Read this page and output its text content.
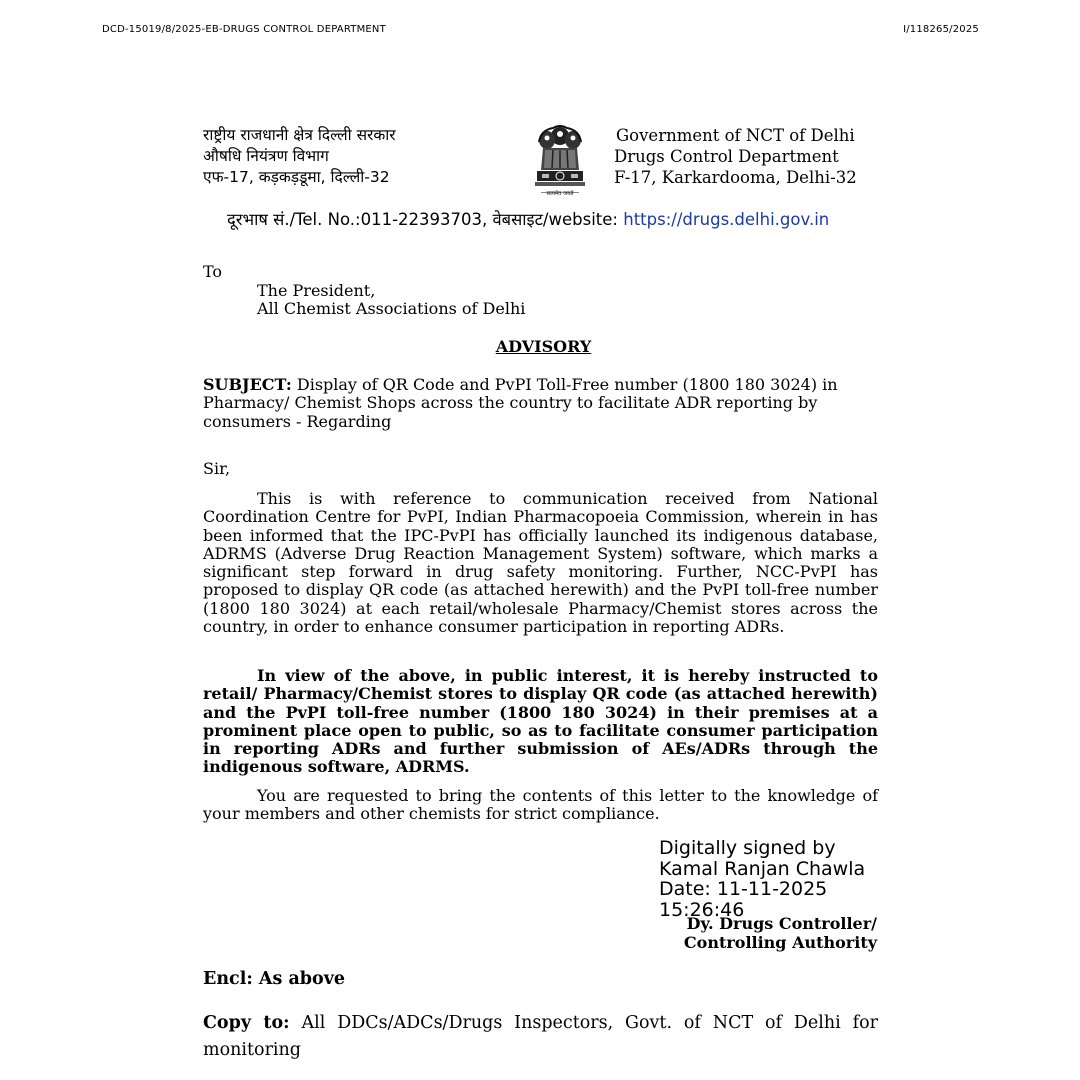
DCD-15019/8/2025-EB-DRUGS CONTROL DEPARTMENT	I/118265/2025
राष्ट्रीय राजधानी क्षेत्र दिल्ली सरकार
औषधि नियंत्रण विभाग
एफ-17, कड़कड़डूमा, दिल्ली-32
सत्यमेव जयते
Government of NCT of Delhi
Drugs Control Department
F-17, Karkardooma, Delhi-32
दूरभाष सं./Tel. No.:011-22393703, वेबसाइट/website: https://drugs.delhi.gov.in
To
The President,
All Chemist Associations of Delhi
ADVISORY
SUBJECT: Display of QR Code and PvPI Toll-Free number (1800 180 3024) in Pharmacy/ Chemist Shops across the country to facilitate ADR reporting by consumers - Regarding
Sir,
This is with reference to communication received from National Coordination Centre for PvPI, Indian Pharmacopoeia Commission, wherein in has been informed that the IPC-PvPI has officially launched its indigenous database, ADRMS (Adverse Drug Reaction Management System) software, which marks a significant step forward in drug safety monitoring. Further, NCC-PvPI has proposed to display QR code (as attached herewith) and the PvPI toll-free number (1800 180 3024) at each retail/wholesale Pharmacy/Chemist stores across the country, in order to enhance consumer participation in reporting ADRs.
In view of the above, in public interest, it is hereby instructed to retail/ Pharmacy/Chemist stores to display QR code (as attached herewith) and the PvPI toll-free number (1800 180 3024) in their premises at a prominent place open to public, so as to facilitate consumer participation in reporting ADRs and further submission of AEs/ADRs through the indigenous software, ADRMS.
You are requested to bring the contents of this letter to the knowledge of your members and other chemists for strict compliance.
Digitally signed by
Kamal Ranjan Chawla
Date: 11-11-2025
15:26:46
Dy. Drugs Controller/
Controlling Authority
Encl: As above
Copy to: All DDCs/ADCs/Drugs Inspectors, Govt. of NCT of Delhi for monitoring
